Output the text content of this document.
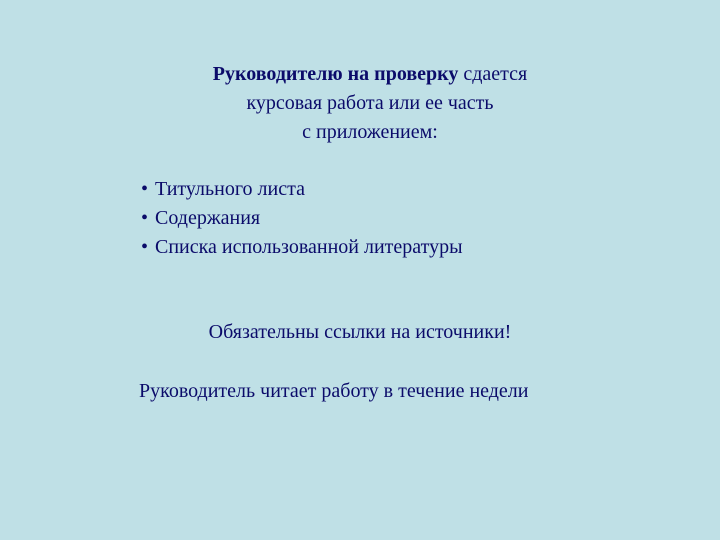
Руководителю на проверку сдается
курсовая работа или ее часть
с приложением:
• Титульного листа
• Содержания
• Списка использованной литературы
Обязательны ссылки на источники!
Руководитель читает работу в течение недели
